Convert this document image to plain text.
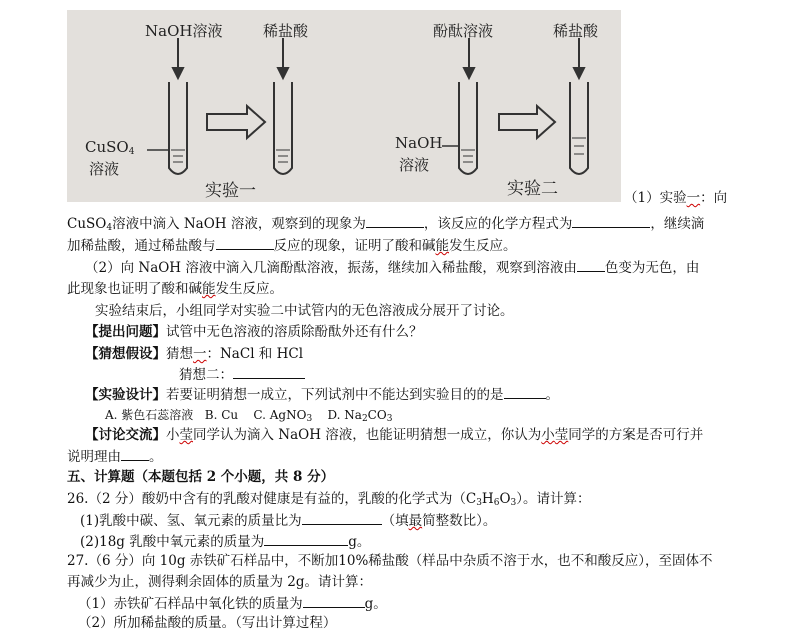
NaOH溶液	稀盐酸
CuSO$_4$
溶液
实验一
酚酞溶液	稀盐酸
NaOH
溶液
实验二	（1）实验一：向
CuSO$_4$溶液中滴入 NaOH 溶液，观察到的现象为	，该反应的化学方程式为	，继续滴
加稀盐酸，通过稀盐酸与	反应的现象，证明了酸和碱能发生反应。
（2）向 NaOH 溶液中滴入几滴酚酞溶液，振荡，继续加入稀盐酸，观察到溶液由 色变为无色，由
此现象也证明了酸和碱能发生反应。
实验结束后，小组同学对实验二中试管内的无色溶液成分展开了讨论。
【提出问题】试管中无色溶液的溶质除酚酞外还有什么？
【猜想假设】猜想一：NaCl 和 HCl
猜想二：
【实验设计】若要证明猜想一成立，下列试剂中不能达到实验目的的是	。
A. 紫色石蕊溶液 B. Cu C. AgNO$_3$ D. $Na_2CO_3$
【讨论交流】小莹同学认为滴入 NaOH 溶液，也能证明猜想一成立，你认为小莹同学的方案是否可行并
说明理由 。
五、计算题（本题包括 2 个小题，共 8 分）
26.（2 分）酸奶中含有的乳酸对健康是有益的，乳酸的化学式为$(C_3H_6O_3)$。请计算：
(1)乳酸中碳、氢、氧元素的质量比为	（填最简整数比）。
(2)18g 乳酸中氧元素的质量为	g。
27.（6 分）向 10g 赤铁矿石样品中，不断加10%稀盐酸（样品中杂质不溶于水，也不和酸反应），至固体不
再减少为止，测得剩余固体的质量为 2g。请计算：
（1）赤铁矿石样品中氧化铁的质量为	g。
（2）所加稀盐酸的质量。（写出计算过程）
